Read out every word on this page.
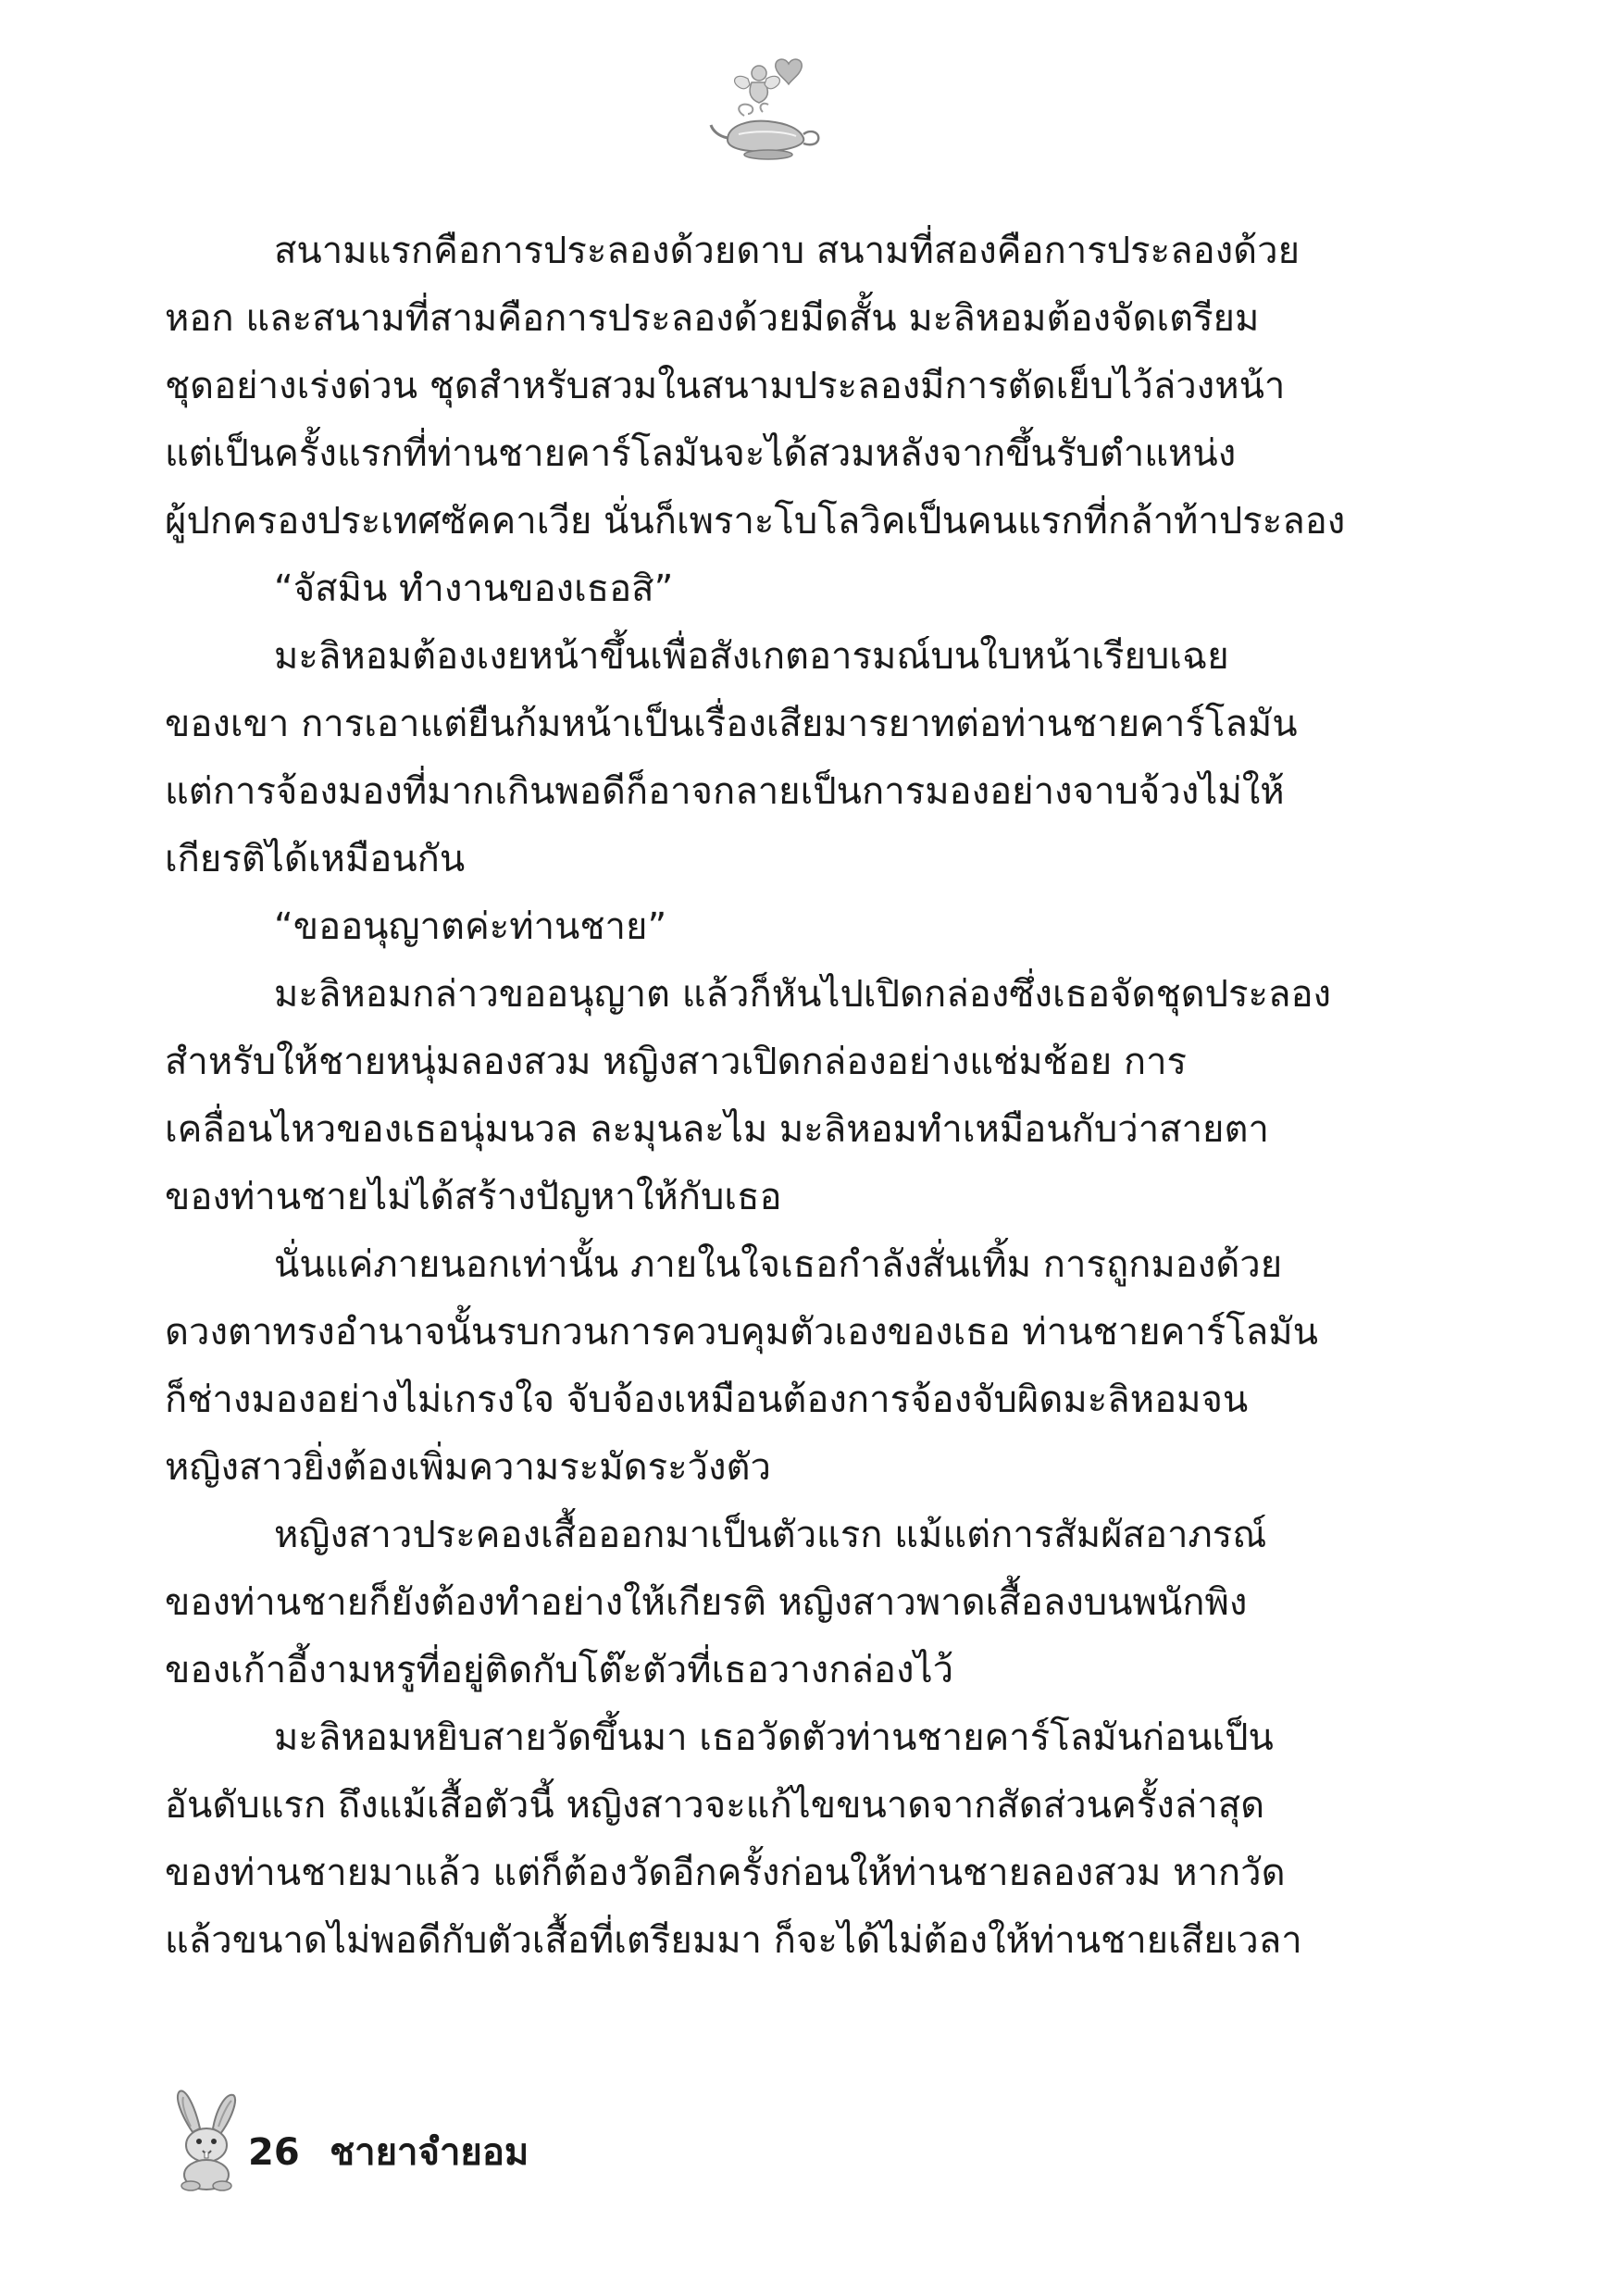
สนามแรกคือการประลองด้วยดาบ สนามที่สองคือการประลองด้วย
หอก และสนามที่สามคือการประลองด้วยมีดสั้น มะลิหอมต้องจัดเตรียม
ชุดอย่างเร่งด่วน ชุดสำหรับสวมในสนามประลองมีการตัดเย็บไว้ล่วงหน้า
แต่เป็นครั้งแรกที่ท่านชายคาร์โลมันจะได้สวมหลังจากขึ้นรับตำแหน่ง
ผู้ปกครองประเทศซัคคาเวีย นั่นก็เพราะโบโลวิคเป็นคนแรกที่กล้าท้าประลอง
“จัสมิน ทำงานของเธอสิ”
มะลิหอมต้องเงยหน้าขึ้นเพื่อสังเกตอารมณ์บนใบหน้าเรียบเฉย
ของเขา การเอาแต่ยืนก้มหน้าเป็นเรื่องเสียมารยาทต่อท่านชายคาร์โลมัน
แต่การจ้องมองที่มากเกินพอดีก็อาจกลายเป็นการมองอย่างจาบจ้วงไม่ให้
เกียรติได้เหมือนกัน
“ขออนุญาตค่ะท่านชาย”
มะลิหอมกล่าวขออนุญาต แล้วก็หันไปเปิดกล่องซึ่งเธอจัดชุดประลอง
สำหรับให้ชายหนุ่มลองสวม หญิงสาวเปิดกล่องอย่างแช่มช้อย การ
เคลื่อนไหวของเธอนุ่มนวล ละมุนละไม มะลิหอมทำเหมือนกับว่าสายตา
ของท่านชายไม่ได้สร้างปัญหาให้กับเธอ
นั่นแค่ภายนอกเท่านั้น ภายในใจเธอกำลังสั่นเทิ้ม การถูกมองด้วย
ดวงตาทรงอำนาจนั้นรบกวนการควบคุมตัวเองของเธอ ท่านชายคาร์โลมัน
ก็ช่างมองอย่างไม่เกรงใจ จับจ้องเหมือนต้องการจ้องจับผิดมะลิหอมจน
หญิงสาวยิ่งต้องเพิ่มความระมัดระวังตัว
หญิงสาวประคองเสื้อออกมาเป็นตัวแรก แม้แต่การสัมผัสอาภรณ์
ของท่านชายก็ยังต้องทำอย่างให้เกียรติ หญิงสาวพาดเสื้อลงบนพนักพิง
ของเก้าอี้งามหรูที่อยู่ติดกับโต๊ะตัวที่เธอวางกล่องไว้
มะลิหอมหยิบสายวัดขึ้นมา เธอวัดตัวท่านชายคาร์โลมันก่อนเป็น
อันดับแรก ถึงแม้เสื้อตัวนี้ หญิงสาวจะแก้ไขขนาดจากสัดส่วนครั้งล่าสุด
ของท่านชายมาแล้ว แต่ก็ต้องวัดอีกครั้งก่อนให้ท่านชายลองสวม หากวัด
แล้วขนาดไม่พอดีกับตัวเสื้อที่เตรียมมา ก็จะได้ไม่ต้องให้ท่านชายเสียเวลา
26 ชายาจำยอม
